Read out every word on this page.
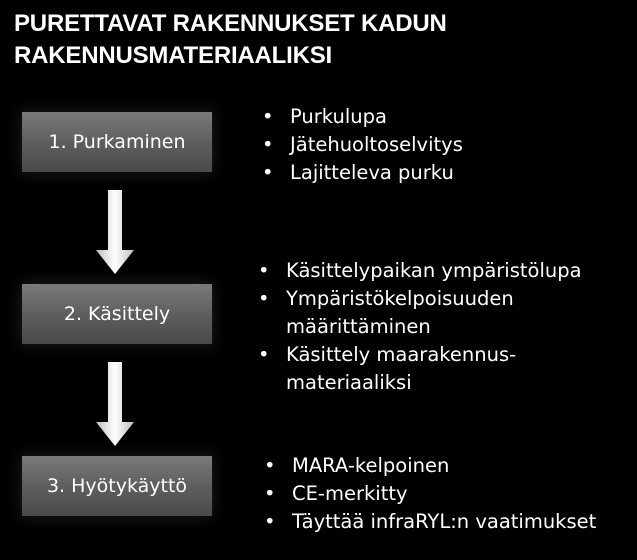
PURETTAVAT RAKENNUKSET KADUN
RAKENNUSMATERIAALIKSI
1. Purkaminen
• Purkulupa
• Jätehuoltoselvitys
• Lajitteleva purku
2. Käsittely
• Käsittelypaikan ympäristölupa
• Ympäristökelpoisuuden
määrittäminen
• Käsittely maarakennus-
materiaaliksi
3. Hyötykäyttö
• MARA-kelpoinen
• CE-merkitty
• Täyttää infraRYL:n vaatimukset
